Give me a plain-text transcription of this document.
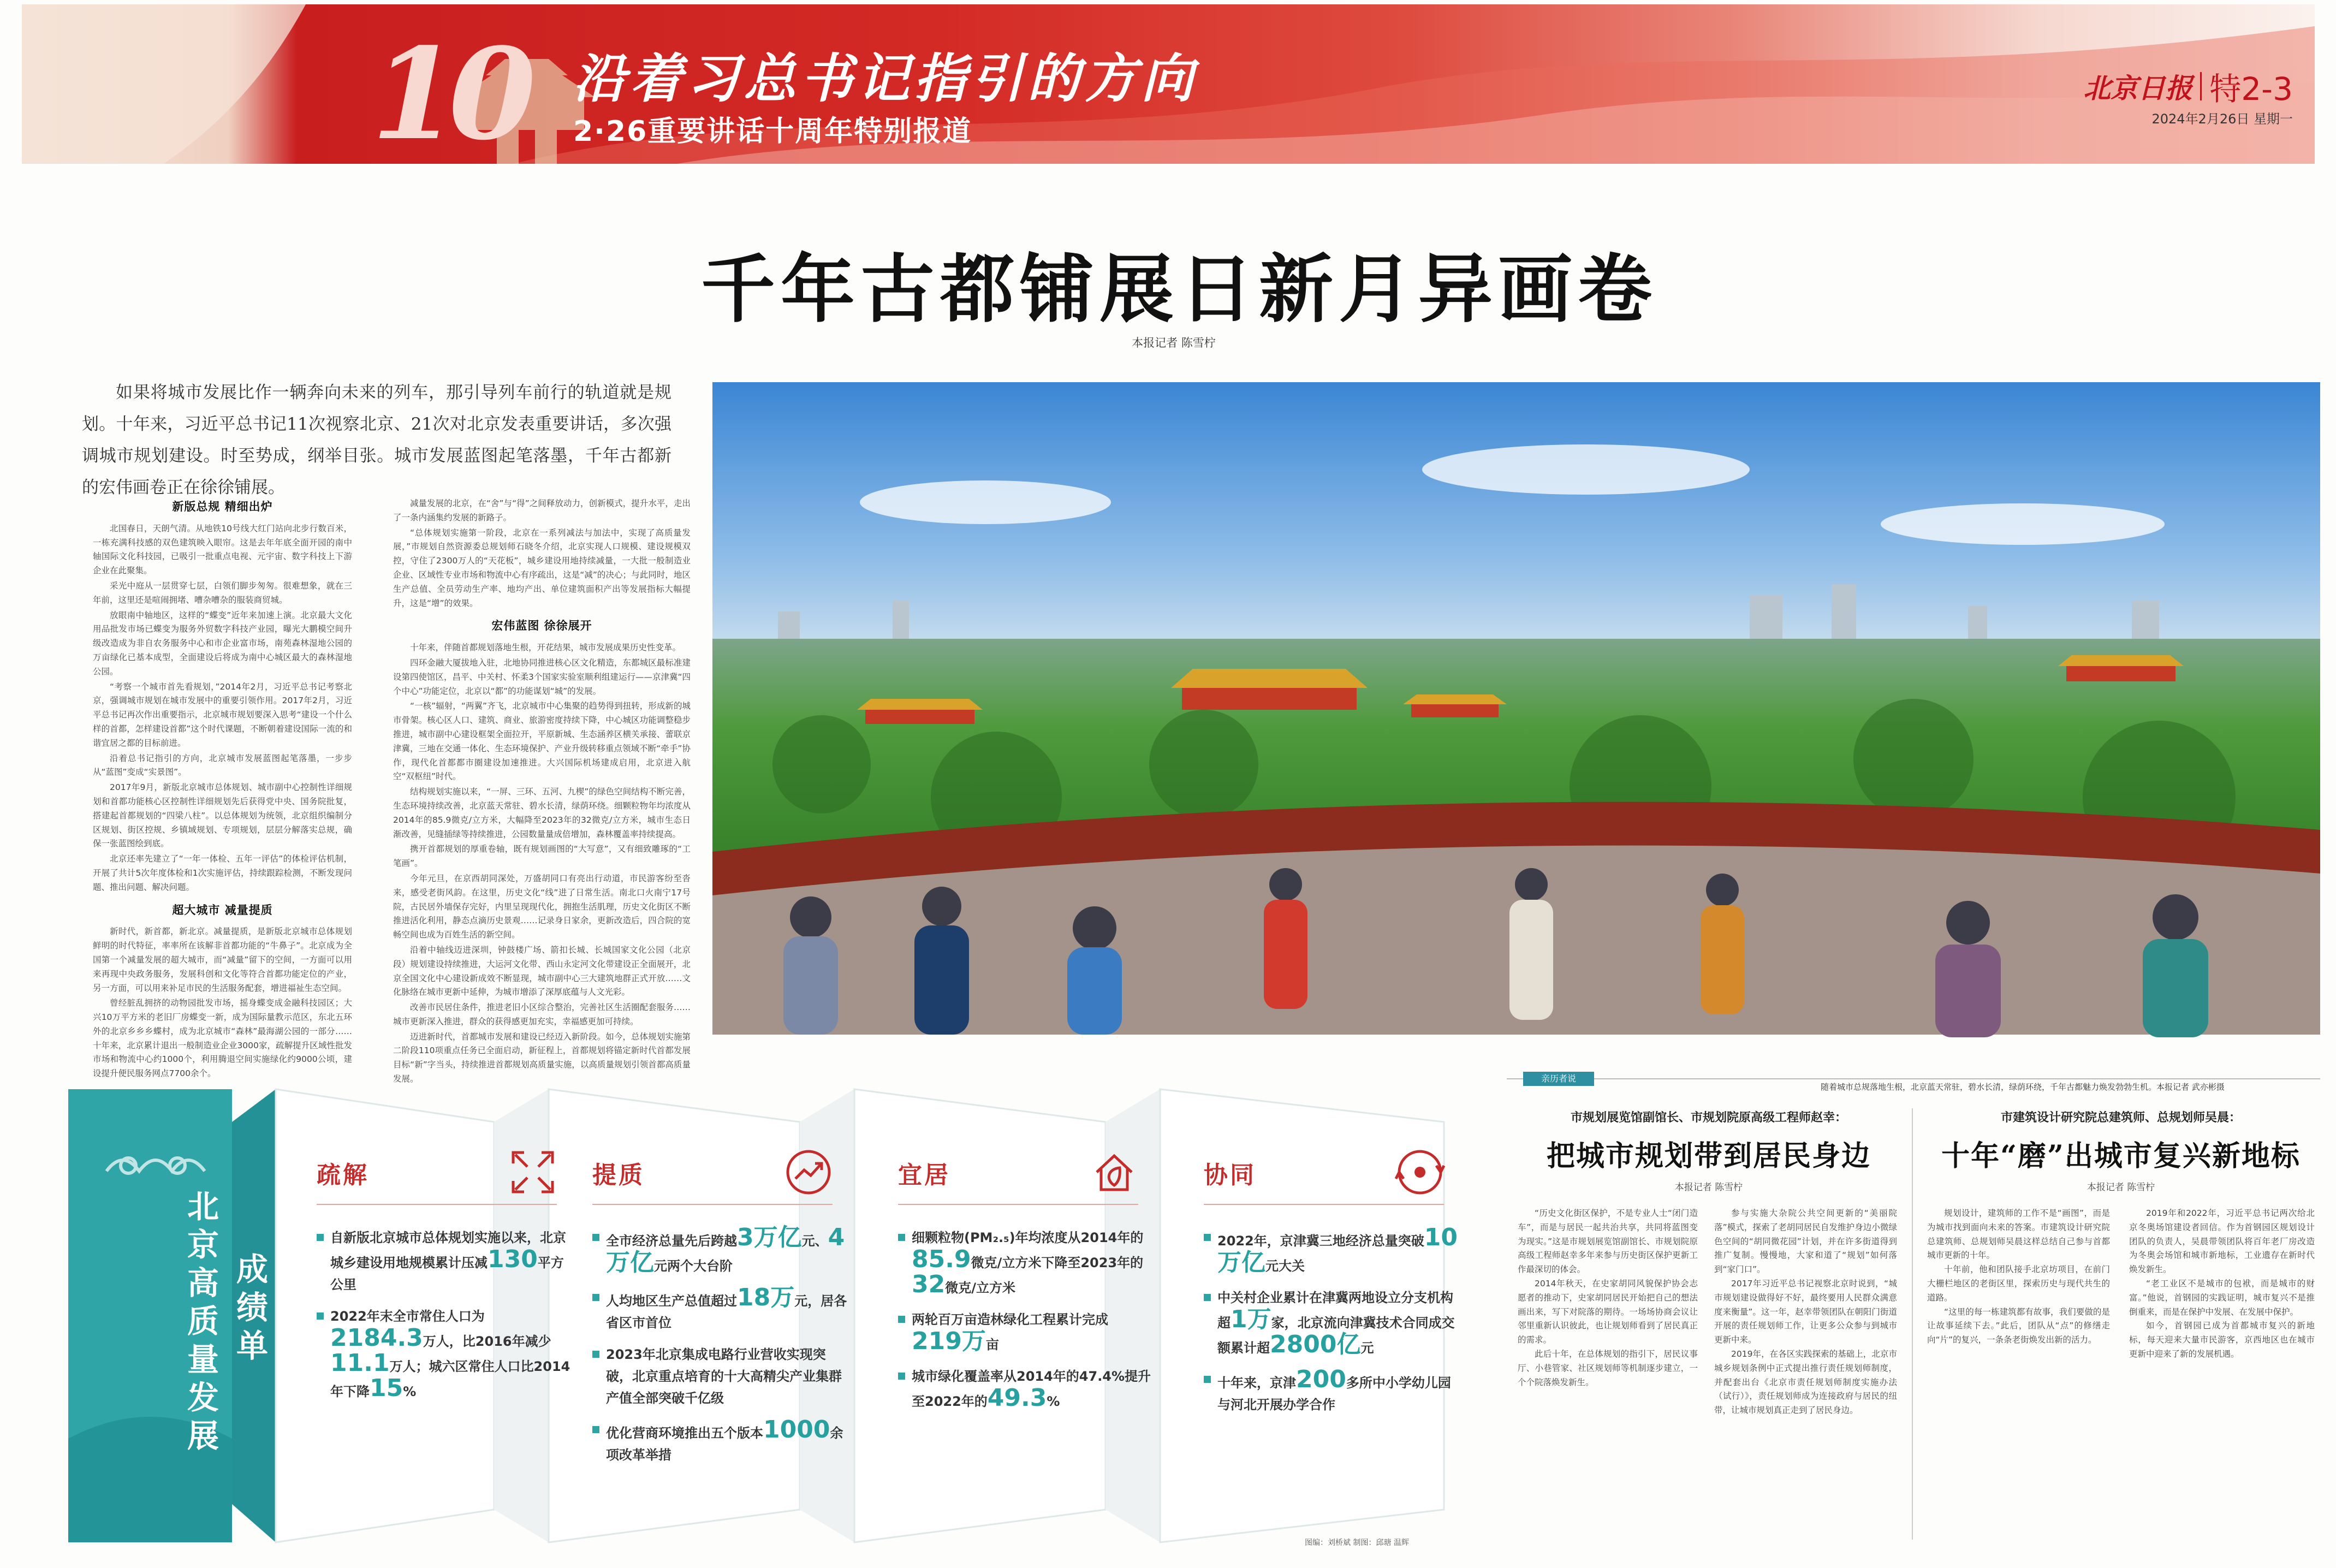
10 沿着习总书记指引的方向
2·26重要讲话十周年特别报道
北京日报 特2-3
2024年2月26日 星期一
千年古都铺展日新月异画卷
本报记者 陈雪柠

如果将城市发展比作一辆奔向未来的列车，那引导列车前行的轨道就是规划。十年来，习近平总书记11次视察北京、21次对北京发表重要讲话，多次强调城市规划建设。时至势成，纲举目张。城市发展蓝图起笔落墨，千年古都新的宏伟画卷正在徐徐铺展。

新版总规 精细出炉

北国春日，天朗气清。从地铁10号线大红门站向北步行数百米，一栋充满科技感的双色建筑映入眼帘。这是去年年底全面开园的南中轴国际文化科技园，已吸引一批重点电视、元宇宙、数字科技上下游企业在此聚集。

采光中庭从一层贯穿七层，白领们脚步匆匆。很难想象，就在三年前，这里还是喧闹拥堵、嘈杂嘈杂的服装商贸城。

放眼南中轴地区，这样的“蝶变”近年来加速上演。北京最大文化用品批发市场已蝶变为服务外贸数字科技产业园，曝光大鹏模空间升级改造成为非自农务服务中心和市企业富市场，南苑森林湿地公园的万亩绿化已基本成型，全面建设后将成为南中心城区最大的森林湿地公园。

“考察一个城市首先看规划，”2014年2月，习近平总书记考察北京，强调城市规划在城市发展中的重要引领作用。2017年2月，习近平总书记再次作出重要指示，北京城市规划要深入思考“建设一个什么样的首都，怎样建设首都”这个时代课题，不断朝着建设国际一流的和谐宜居之都的目标前进。

沿着总书记指引的方向，北京城市发展蓝图起笔落墨，一步步从“蓝图”变成“实景图”。

2017年9月，新版北京城市总体规划、城市副中心控制性详细规划和首都功能核心区控制性详细规划先后获得党中央、国务院批复，搭建起首都规划的“四梁八柱”。以总体规划为统领，北京组织编制分区规划、街区控规、乡镇域规划、专项规划，层层分解落实总规，确保一张蓝图绘到底。

北京还率先建立了“一年一体检、五年一评估”的体检评估机制，开展了共计5次年度体检和1次实施评估，持续跟踪检测，不断发现问题、推出问题、解决问题。

超大城市 减量提质

新时代，新首都，新北京。减量提质，是新版北京城市总体规划鲜明的时代特征，率率所在该解非首都功能的“牛鼻子”。北京成为全国第一个减量发展的超大城市，而“减量”留下的空间，一方面可以用来再现中央政务服务，发展科创和文化等符合首都功能定位的产业，另一方面，可以用来补足市民的生活服务配套，增进福祉生态空间。

曾经脏乱拥挤的动物园批发市场，摇身蝶变成金融科技园区；大兴10万平方米的老旧厂房蝶变一新，成为国际量教示范区，东北五环外的北京乡乡乡蝶村，成为北京城市“森林”最海湖公园的一部分……十年来，北京累计退出一般制造业企业3000家，疏解提升区域性批发市场和物流中心约1000个，利用腾退空间实施绿化约9000公顷，建设提升便民服务网点7700余个。

减量发展的北京，在“舍”与“得”之间释放动力，创新模式，提升水平，走出了一条内涵集约发展的新路子。

“总体规划实施第一阶段，北京在一系列减法与加法中，实现了高质量发展，”市规划自然资源委总规划师石晓冬介绍，北京实现人口规模、建设规模双控，守住了2300万人的“天花板”，城乡建设用地持续减量，一大批一般制造业企业、区域性专业市场和物流中心有序疏出，这是“减”的决心；与此同时，地区生产总值、全员劳动生产率、地均产出、单位建筑面积产出等发展指标大幅提升，这是“增”的效果。

宏伟蓝图 徐徐展开

十年来，伴随首都规划落地生根，开花结果，城市发展成果历史性变革。

四环金融大厦拔地入驻，北地协同推进核心区文化精造，东都城区最标准建设第四使馆区，昌平、中关村、怀柔3个国家实验室顺利组建运行——京津冀“四个中心”功能定位，北京以“都”的功能谋划“城”的发展。

“一核”辐射，“两翼”齐飞，北京城市中心集聚的趋势得到扭转，形成新的城市骨架。核心区人口、建筑、商业、旅游密度持续下降，中心城区功能调整稳步推进，城市副中心建设框架全面拉开，平原新城、生态涵养区横关承接、蕾联京津冀，三地在交通一体化、生态环境保护、产业升级转移重点领域不断“牵手”协作，现代化首都都市圈建设加速推进。大兴国际机场建成启用，北京进入航空“双枢纽”时代。

结构规划实施以来，“一屏、三环、五河、九楔”的绿色空间结构不断完善，生态环境持续改善，北京蓝天常驻、碧水长清，绿荫环绕。细颗粒物年均浓度从2014年的85.9微克/立方米，大幅降至2023年的32微克/立方米，城市生态日渐改善，见缝插绿等持续推进，公园数量量成倍增加，森林覆盖率持续提高。

携开首都规划的厚重卷轴，既有规划画图的“大写意”，又有细致雕琢的“工笔画”。

今年元旦，在京西胡同深处，万盛胡同口有亮出行动道，市民游客纷至沓来，感受老街风韵。在这里，历史文化“线”进了日常生活。南北口火南宁17号院，古民居外墙保存完好，内里呈现现代化，拥抱生活肌理，历史文化街区不断推进活化利用，静态点滴历史景观……记录身日家余，更新改造后，四合院的宽畅空间也成为百姓生活的新空间。

沿着中轴线迈进深圳，钟鼓楼广场、箭扣长城、长城国家文化公园（北京段）规划建设持续推进，大运河文化带、西山永定河文化带建设正全面展开，北京全国文化中心建设新成效不断显现，城市副中心三大建筑地群正式开放……文化脉络在城市更新中延伸，为城市增添了深厚底蕴与人文光彩。

改善市民居住条件，推进老旧小区综合整治，完善社区生活圈配套服务……城市更新深入推进，群众的获得感更加充实，幸福感更加可持续。

迈进新时代，首都城市发展和建设已经迈入新阶段。如今，总体规划实施第二阶段110项重点任务已全面启动，新征程上，首都规划将锚定新时代首都发展目标“新”字当头，持续推进首都规划高质量实施，以高质量规划引领首都高质量发展。

随着城市总规落地生根，北京蓝天常驻，碧水长清，绿荫环绕，千年古都魅力焕发勃勃生机。本报记者 武亦彬摄
北京高质量发展
成绩单
疏解
自新版北京城市总体规划实施以来，北京城乡建设用地规模累计压减130平方公里
2022年末全市常住人口为2184.3万人，比2016年减少11.1万人；城六区常住人口比2014年下降15%
提质
全市经济总量先后跨越3万亿元、4万亿元两个大台阶
人均地区生产总值超过18万元，居各省区市首位
2023年北京集成电路行业营收实现突破，北京重点培育的十大高精尖产业集群产值全部突破千亿级
优化营商环境推出五个版本1000余项改革举措
宜居
细颗粒物(PM₂.₅)年均浓度从2014年的85.9微克/立方米下降至2023年的32微克/立方米
两轮百万亩造林绿化工程累计完成219万亩
城市绿化覆盖率从2014年的47.4%提升至2022年的49.3%
协同
2022年，京津冀三地经济总量突破10万亿元大关
中关村企业累计在津冀两地设立分支机构超1万家，北京流向津冀技术合同成交额累计超2800亿元
十年来，京津200多所中小学幼儿园与河北开展办学合作
图编：刘桥斌 制图：邱瑭 温辉
亲历者说
市规划展览馆副馆长、市规划院原高级工程师赵幸：
把城市规划带到居民身边
本报记者 陈雪柠

“历史文化街区保护，不是专业人士“闭门造车”，而是与居民一起共治共享，共同将蓝图变为现实。”这是市规划展览馆副馆长、市规划院原高级工程师赵幸多年来参与历史街区保护更新工作最深切的体会。

2014年秋天，在史家胡同风貌保护协会志愿者的推动下，史家胡同居民开始把自己的想法画出来，写下对院落的期待。一场场协商会议让邻里重新认识彼此，也让规划师看到了居民真正的需求。

此后十年，在总体规划的指引下，居民议事厅、小巷管家、社区规划师等机制逐步建立，一个个院落焕发新生。

参与实施大杂院公共空间更新的“美丽院落”模式，探索了老胡同居民自发维护身边小微绿色空间的“胡同微花园”计划，并在许多街道得到推广复制。慢慢地，大家和道了“规划”如何落到“家门口”。

2017年习近平总书记视察北京时说到，“城市规划建设做得好不好，最终要用人民群众满意度来衡量”。这一年，赵幸带领团队在朝阳门街道开展的责任规划师工作，让更多公众参与到城市更新中来。

2019年，在各区实践探索的基础上，北京市城乡规划条例中正式提出推行责任规划师制度，并配套出台《北京市责任规划师制度实施办法（试行）》，责任规划师成为连接政府与居民的纽带，让城市规划真正走到了居民身边。

市建筑设计研究院总建筑师、总规划师吴晨：
十年“磨”出城市复兴新地标
本报记者 陈雪柠

规划设计，建筑师的工作不是“画图”，而是为城市找到面向未来的答案。市建筑设计研究院总建筑师、总规划师吴晨这样总结自己参与首都城市更新的十年。

十年前，他和团队接手北京坊项目，在前门大栅栏地区的老街区里，探索历史与现代共生的道路。

“这里的每一栋建筑都有故事，我们要做的是让故事延续下去。”此后，团队从“点”的修缮走向“片”的复兴，一条条老街焕发出新的活力。

2019年和2022年，习近平总书记两次给北京冬奥场馆建设者回信。作为首钢园区规划设计团队的负责人，吴晨带领团队将百年老厂房改造为冬奥会场馆和城市新地标，工业遗存在新时代焕发新生。

“老工业区不是城市的包袱，而是城市的财富。”他说，首钢园的实践证明，城市复兴不是推倒重来，而是在保护中发展、在发展中保护。

如今，首钢园已成为首都城市复兴的新地标，每天迎来大量市民游客，京西地区也在城市更新中迎来了新的发展机遇。
